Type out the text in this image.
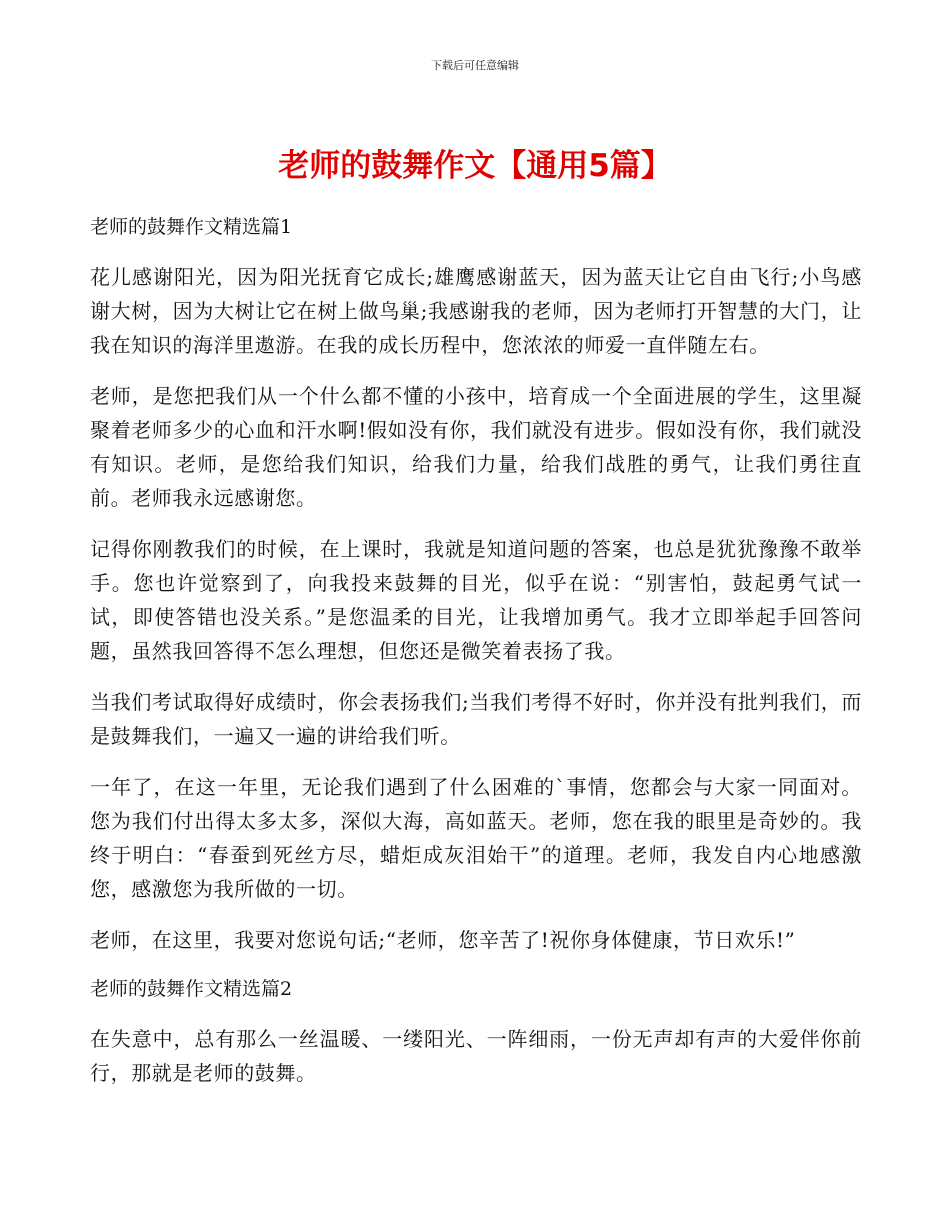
下载后可任意编辑
老师的鼓舞作文【通用5篇】

老师的鼓舞作文精选篇1

花儿感谢阳光，因为阳光抚育它成长;雄鹰感谢蓝天，因为蓝天让它自由飞行;小鸟感谢大树，因为大树让它在树上做鸟巢;我感谢我的老师，因为老师打开智慧的大门，让我在知识的海洋里遨游。在我的成长历程中，您浓浓的师爱一直伴随左右。

老师，是您把我们从一个什么都不懂的小孩中，培育成一个全面进展的学生，这里凝聚着老师多少的心血和汗水啊!假如没有你，我们就没有进步。假如没有你，我们就没有知识。老师，是您给我们知识，给我们力量，给我们战胜的勇气，让我们勇往直前。老师我永远感谢您。

记得你刚教我们的时候，在上课时，我就是知道问题的答案，也总是犹犹豫豫不敢举手。您也许觉察到了，向我投来鼓舞的目光，似乎在说：“别害怕，鼓起勇气试一试，即使答错也没关系。”是您温柔的目光，让我增加勇气。我才立即举起手回答问题，虽然我回答得不怎么理想，但您还是微笑着表扬了我。

当我们考试取得好成绩时，你会表扬我们;当我们考得不好时，你并没有批判我们，而是鼓舞我们，一遍又一遍的讲给我们听。

一年了，在这一年里，无论我们遇到了什么困难的`事情，您都会与大家一同面对。您为我们付出得太多太多，深似大海，高如蓝天。老师，您在我的眼里是奇妙的。我终于明白：“春蚕到死丝方尽，蜡炬成灰泪始干”的道理。老师，我发自内心地感激您，感激您为我所做的一切。

老师，在这里，我要对您说句话;“老师，您辛苦了!祝你身体健康，节日欢乐!”

老师的鼓舞作文精选篇2

在失意中，总有那么一丝温暖、一缕阳光、一阵细雨，一份无声却有声的大爱伴你前行，那就是老师的鼓舞。
